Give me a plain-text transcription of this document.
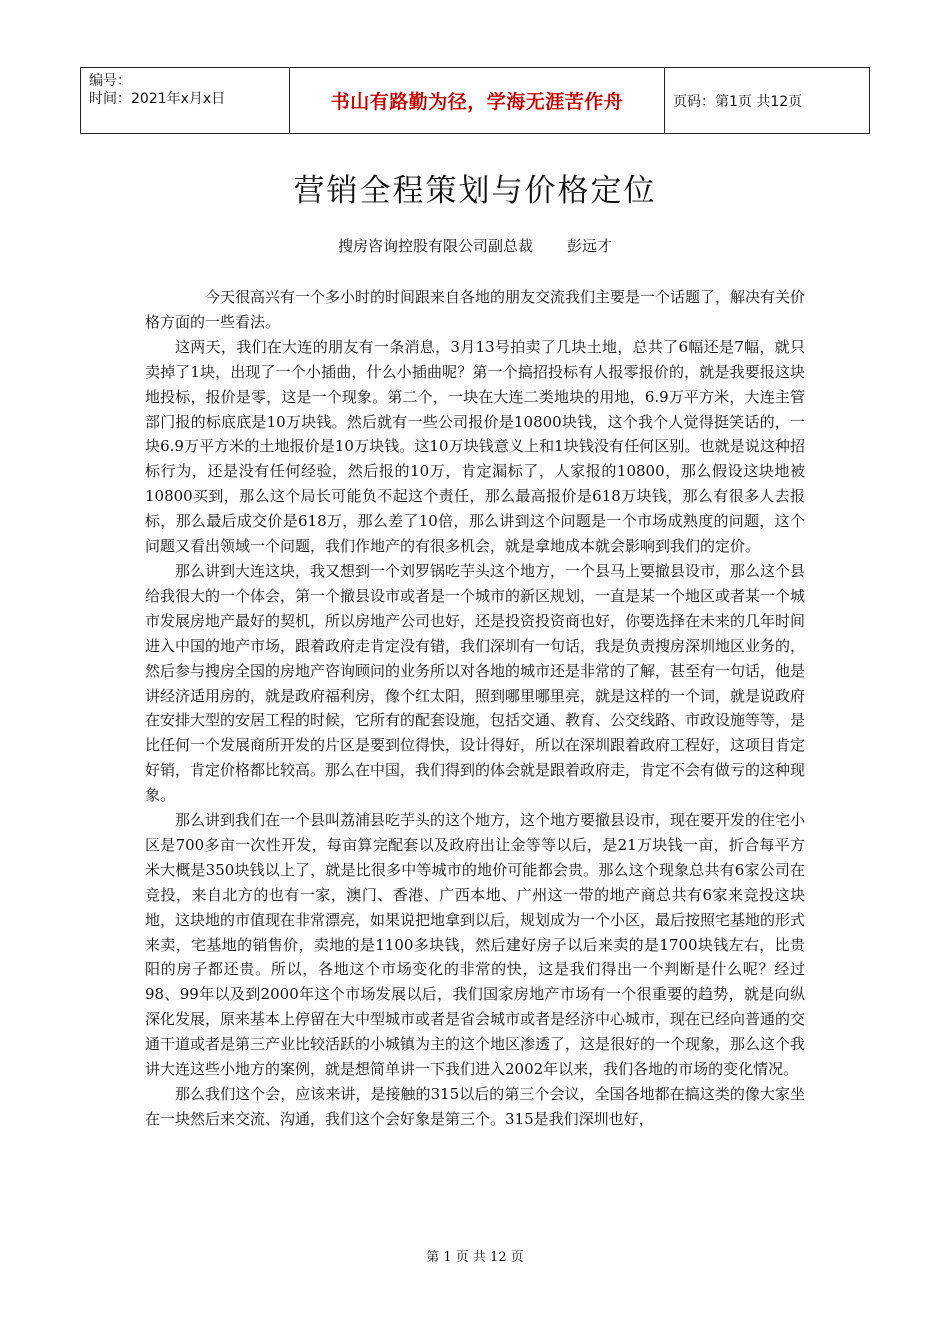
编号：
时间：2021年x月x日	书山有路勤为径，学海无涯苦作舟	页码：第1页 共12页
营销全程策划与价格定位
搜房咨询控股有限公司副总裁 彭远才

今天很高兴有一个多小时的时间跟来自各地的朋友交流我们主要是一个话题了，解决有关价格方面的一些看法。

这两天，我们在大连的朋友有一条消息，3月13号拍卖了几块土地，总共了6幅还是7幅，就只卖掉了1块，出现了一个小插曲，什么小插曲呢？第一个搞招投标有人报零报价的，就是我要报这块地投标，报价是零，这是一个现象。第二个，一块在大连二类地块的用地，6.9万平方米，大连主管部门报的标底底是10万块钱。然后就有一些公司报价是10800块钱，这个我个人觉得挺笑话的，一块6.9万平方米的土地报价是10万块钱。这10万块钱意义上和1块钱没有任何区别。也就是说这种招标行为，还是没有任何经验，然后报的10万，肯定漏标了，人家报的10800，那么假设这块地被10800买到，那么这个局长可能负不起这个责任，那么最高报价是618万块钱，那么有很多人去报标，那么最后成交价是618万，那么差了10倍，那么讲到这个问题是一个市场成熟度的问题，这个问题又看出领域一个问题，我们作地产的有很多机会，就是拿地成本就会影响到我们的定价。

那么讲到大连这块，我又想到一个刘罗锅吃芋头这个地方，一个县马上要撤县设市，那么这个县给我很大的一个体会，第一个撤县设市或者是一个城市的新区规划，一直是某一个地区或者某一个城市发展房地产最好的契机，所以房地产公司也好，还是投资投资商也好，你要选择在未来的几年时间进入中国的地产市场，跟着政府走肯定没有错，我们深圳有一句话，我是负责搜房深圳地区业务的，然后参与搜房全国的房地产咨询顾问的业务所以对各地的城市还是非常的了解，甚至有一句话，他是讲经济适用房的，就是政府福利房，像个红太阳，照到哪里哪里亮，就是这样的一个词，就是说政府在安排大型的安居工程的时候，它所有的配套设施，包括交通、教育、公交线路、市政设施等等，是比任何一个发展商所开发的片区是要到位得快，设计得好，所以在深圳跟着政府工程好，这项目肯定好销，肯定价格都比较高。那么在中国，我们得到的体会就是跟着政府走，肯定不会有做亏的这种现象。

那么讲到我们在一个县叫荔浦县吃芋头的这个地方，这个地方要撤县设市，现在要开发的住宅小区是700多亩一次性开发，每亩算完配套以及政府出让金等等以后，是21万块钱一亩，折合每平方米大概是350块钱以上了，就是比很多中等城市的地价可能都会贵。那么这个现象总共有6家公司在竞投，来自北方的也有一家，澳门、香港、广西本地、广州这一带的地产商总共有6家来竞投这块地，这块地的市值现在非常漂亮，如果说把地拿到以后，规划成为一个小区，最后按照宅基地的形式来卖，宅基地的销售价，卖地的是1100多块钱，然后建好房子以后来卖的是1700块钱左右，比贵阳的房子都还贵。所以，各地这个市场变化的非常的快，这是我们得出一个判断是什么呢？经过98、99年以及到2000年这个市场发展以后，我们国家房地产市场有一个很重要的趋势，就是向纵深化发展，原来基本上停留在大中型城市或者是省会城市或者是经济中心城市，现在已经向普通的交通干道或者是第三产业比较活跃的小城镇为主的这个地区渗透了，这是很好的一个现象，那么这个我讲大连这些小地方的案例，就是想简单讲一下我们进入2002年以来，我们各地的市场的变化情况。

那么我们这个会，应该来讲，是接触的315以后的第三个会议，全国各地都在搞这类的像大家坐在一块然后来交流、沟通，我们这个会好象是第三个。315是我们深圳也好，

第 1 页 共 12 页
